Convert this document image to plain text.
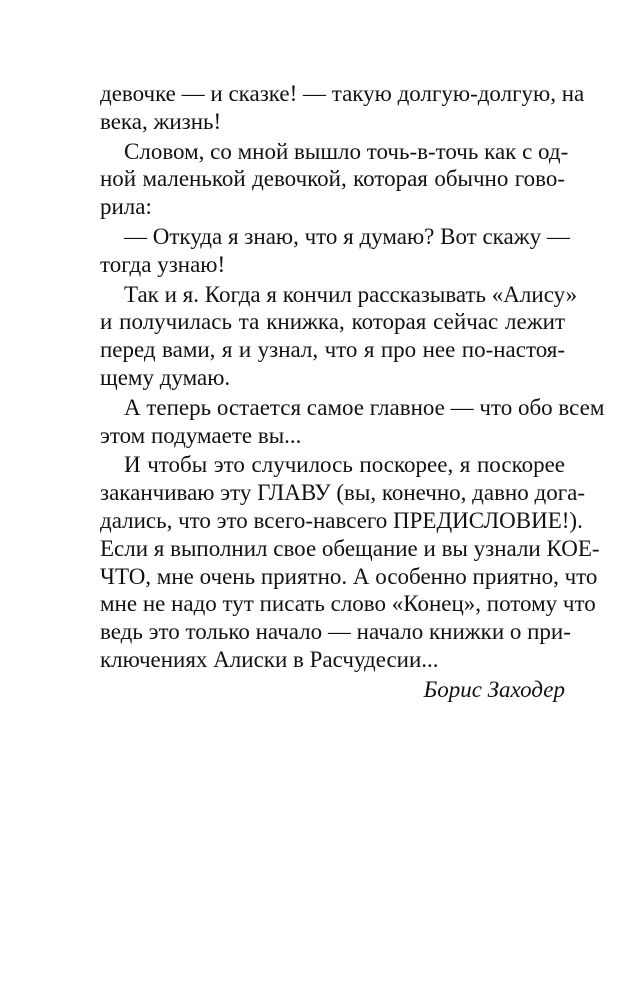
девочке — и сказке! — такую долгую-долгую, на
века, жизнь!
Словом, со мной вышло точь-в-точь как с од-
ной маленькой девочкой, которая обычно гово-
рила:
— Откуда я знаю, что я думаю? Вот скажу —
тогда узнаю!
Так и я. Когда я кончил рассказывать «Алису»
и получилась та книжка, которая сейчас лежит
перед вами, я и узнал, что я про нее по-настоя-
щему думаю.
А теперь остается самое главное — что обо всем
этом подумаете вы...
И чтобы это случилось поскорее, я поскорее
заканчиваю эту ГЛАВУ (вы, конечно, давно дога-
дались, что это всего-навсего ПРЕДИСЛОВИЕ!).
Если я выполнил свое обещание и вы узнали КОЕ-
ЧТО, мне очень приятно. А особенно приятно, что
мне не надо тут писать слово «Конец», потому что
ведь это только начало — начало книжки о при-
ключениях Алиски в Расчудесии...
Борис Заходер
